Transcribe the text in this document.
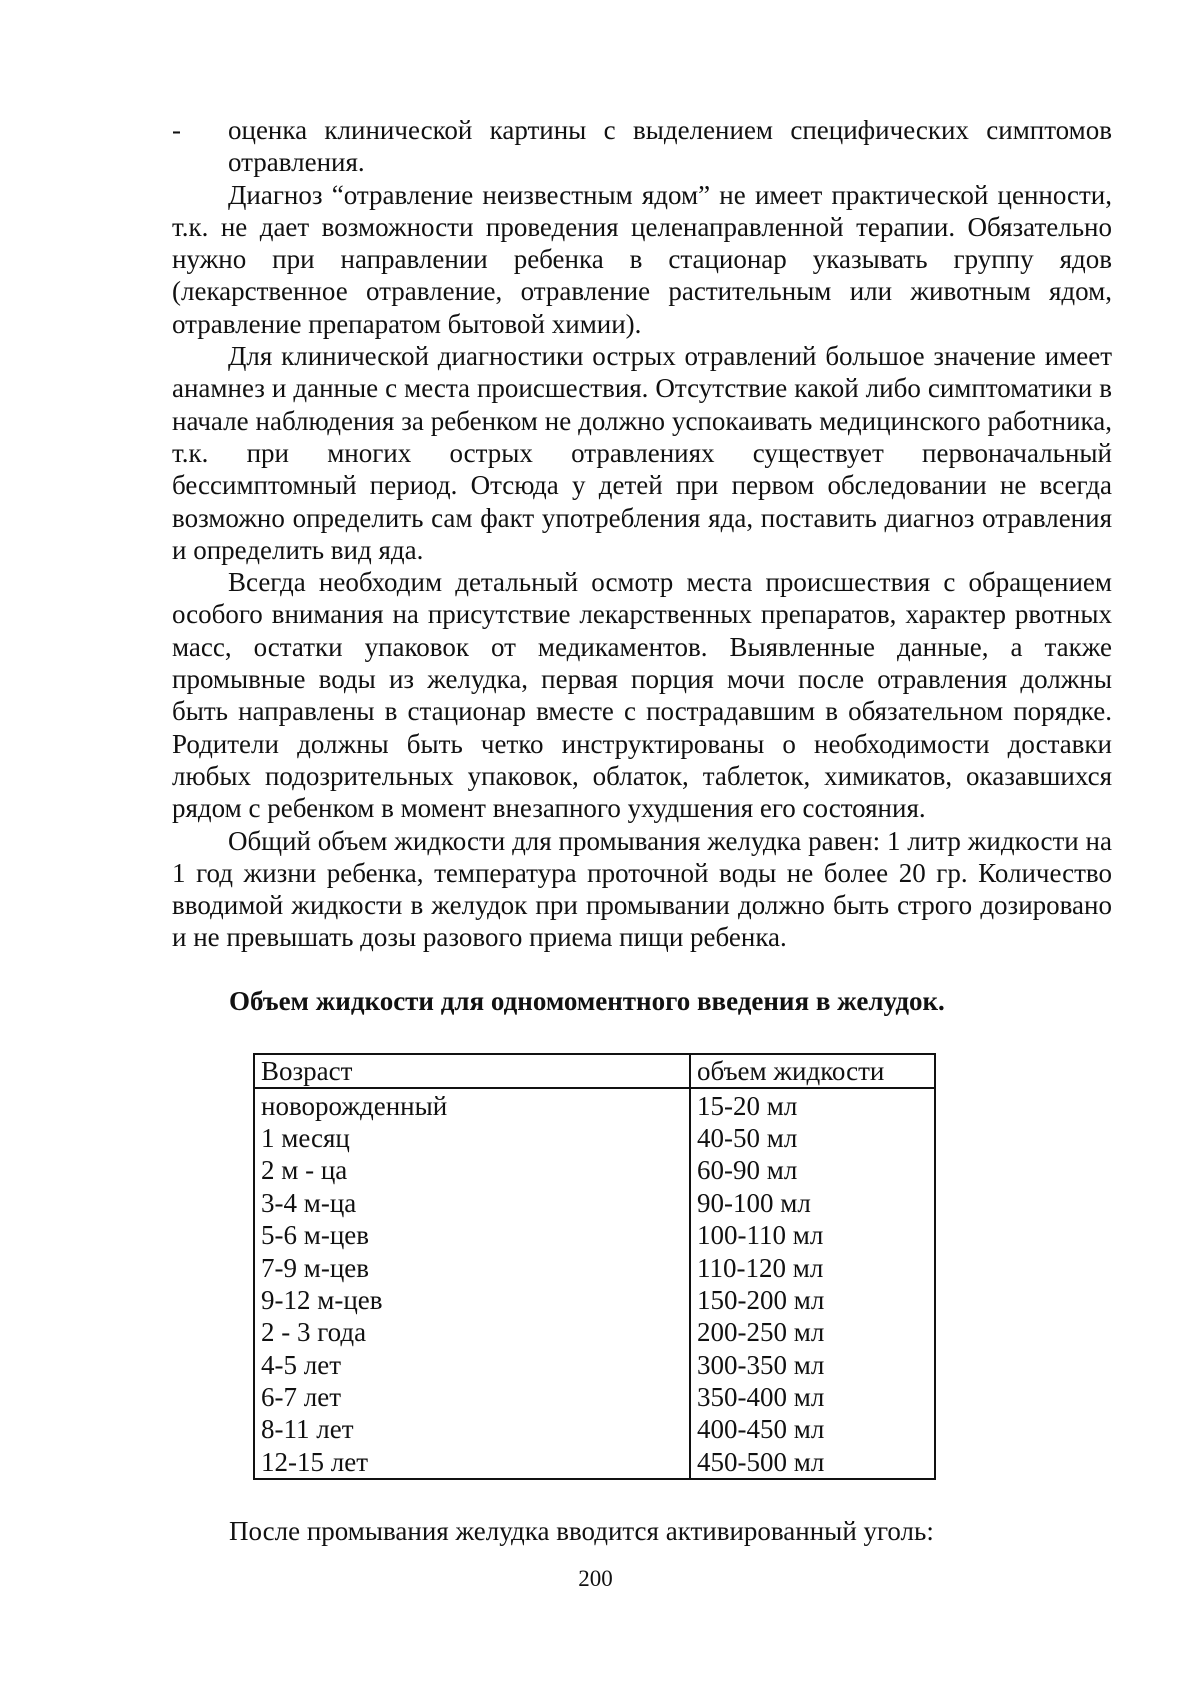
- оценка клинической картины с выделением специфических симптомов отравления.

Диагноз “отравление неизвестным ядом” не имеет практической ценности, т.к. не дает возможности проведения целенаправленной терапии. Обязательно нужно при направлении ребенка в стационар указывать группу ядов (лекарственное отравление, отравление растительным или животным ядом, отравление препаратом бытовой химии).

Для клинической диагностики острых отравлений большое значение имеет анамнез и данные с места происшествия. Отсутствие какой либо симптоматики в начале наблюдения за ребенком не должно успокаивать медицинского работника, т.к. при многих острых отравлениях существует первоначальный бессимптомный период. Отсюда у детей при первом обследовании не всегда возможно определить сам факт употребления яда, поставить диагноз отравления и определить вид яда.

Всегда необходим детальный осмотр места происшествия с обращением особого внимания на присутствие лекарственных препаратов, характер рвотных масс, остатки упаковок от медикаментов. Выявленные данные, а также промывные воды из желудка, первая порция мочи после отравления должны быть направлены в стационар вместе с пострадавшим в обязательном порядке. Родители должны быть четко инструктированы о необходимости доставки любых подозрительных упаковок, облаток, таблеток, химикатов, оказавшихся рядом с ребенком в момент внезапного ухудшения его состояния.

Общий объем жидкости для промывания желудка равен: 1 литр жидкости на 1 год жизни ребенка, температура проточной воды не более 20 гр. Количество вводимой жидкости в желудок при промывании должно быть строго дозировано и не превышать дозы разового приема пищи ребенка.

Объем жидкости для одномоментного введения в желудок.
Возраст	объем жидкости
новорожденный	15-20 мл
1 месяц	40-50 мл
2 м - ца	60-90 мл
3-4 м-ца	90-100 мл
5-6 м-цев	100-110 мл
7-9 м-цев	110-120 мл
9-12 м-цев	150-200 мл
2 - 3 года	200-250 мл
4-5 лет	300-350 мл
6-7 лет	350-400 мл
8-11 лет	400-450 мл
12-15 лет	450-500 мл
После промывания желудка вводится активированный уголь:
200
